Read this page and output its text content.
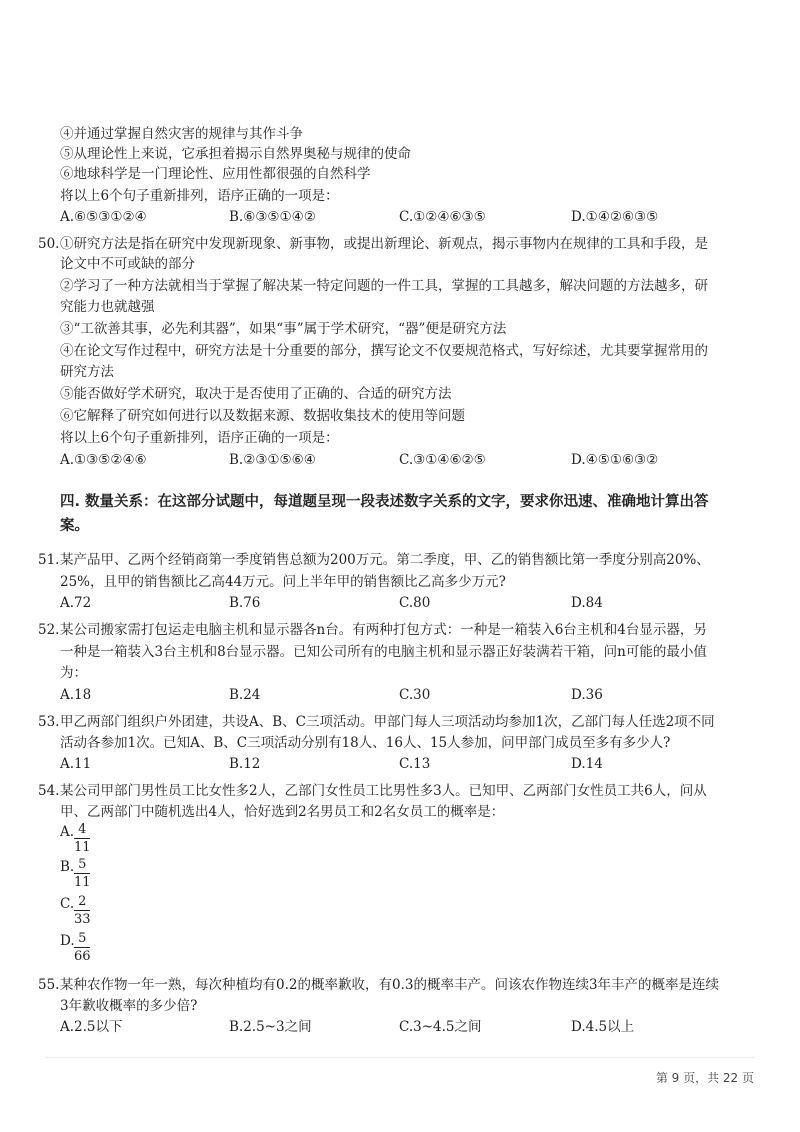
④并通过掌握自然灾害的规律与其作斗争
⑤从理论性上来说，它承担着揭示自然界奥秘与规律的使命
⑥地球科学是一门理论性、应用性都很强的自然科学
将以上6个句子重新排列，语序正确的一项是：
A.⑥⑤③①②④	B.⑥③⑤①④②	C.①②④⑥③⑤	D.①④②⑥③⑤
50. ①研究方法是指在研究中发现新现象、新事物，或提出新理论、新观点，揭示事物内在规律的工具和手段，是
论文中不可或缺的部分
②学习了一种方法就相当于掌握了解决某一特定问题的一件工具，掌握的工具越多，解决问题的方法越多，研
究能力也就越强
③“工欲善其事，必先利其器”，如果“事”属于学术研究，“器”便是研究方法
④在论文写作过程中，研究方法是十分重要的部分，撰写论文不仅要规范格式，写好综述，尤其要掌握常用的
研究方法
⑤能否做好学术研究，取决于是否使用了正确的、合适的研究方法
⑥它解释了研究如何进行以及数据来源、数据收集技术的使用等问题
将以上6个句子重新排列，语序正确的一项是：
A.①③⑤②④⑥	B.②③①⑤⑥④	C.③①④⑥②⑤	D.④⑤①⑥③②
四. 数量关系：在这部分试题中，每道题呈现一段表述数字关系的文字，要求你迅速、准确地计算出答
案。
51. 某产品甲、乙两个经销商第一季度销售总额为200万元。第二季度，甲、乙的销售额比第一季度分别高20%、
25%，且甲的销售额比乙高44万元。问上半年甲的销售额比乙高多少万元?
A.72	B.76	C.80	D.84
52. 某公司搬家需打包运走电脑主机和显示器各n台。有两种打包方式：一种是一箱装入6台主机和4台显示器，另
一种是一箱装入3台主机和8台显示器。已知公司所有的电脑主机和显示器正好装满若干箱，问n可能的最小值
为：
A.18	B.24	C.30	D.36
53. 甲乙两部门组织户外团建，共设A、B、C三项活动。甲部门每人三项活动均参加1次，乙部门每人任选2项不同
活动各参加1次。已知A、B、C三项活动分别有18人、16人、15人参加，问甲部门成员至多有多少人?
A.11	B.12	C.13	D.14
54. 某公司甲部门男性员工比女性多2人，乙部门女性员工比男性多3人。已知甲、乙两部门女性员工共6人，问从
甲、乙两部门中随机选出4人，恰好选到2名男员工和2名女员工的概率是：
A. 4
11
B. 5
11
C. 2
33
D. 5
66
55. 某种农作物一年一熟，每次种植均有0.2的概率歉收，有0.3的概率丰产。问该农作物连续3年丰产的概率是连续
3年歉收概率的多少倍?
A.2.5以下	B.2.5~3之间	C.3~4.5之间	D.4.5以上
第 9 页，共 22 页
